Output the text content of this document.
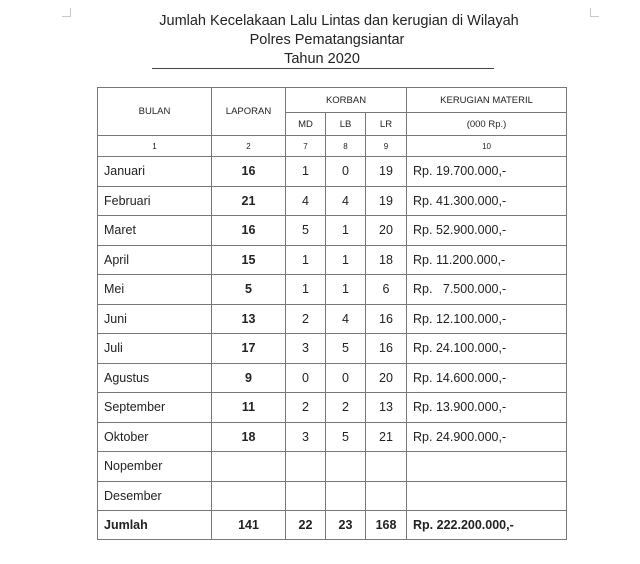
Jumlah Kecelakaan Lalu Lintas dan kerugian di Wilayah
Polres Pematangsiantar
Tahun 2020
BULAN	LAPORAN	KORBAN			KERUGIAN MATERIL
		MD	LB	LR	(000 Rp.)
1	2	7	8	9	10
Januari	16	1	0	19	Rp. 19.700.000,-
Februari	21	4	4	19	Rp. 41.300.000,-
Maret	16	5	1	20	Rp. 52.900.000,-
April	15	1	1	18	Rp. 11.200.000,-
Mei	5	1	1	6	Rp.   7.500.000,-
Juni	13	2	4	16	Rp. 12.100.000,-
Juli	17	3	5	16	Rp. 24.100.000,-
Agustus	9	0	0	20	Rp. 14.600.000,-
September	11	2	2	13	Rp. 13.900.000,-
Oktober	18	3	5	21	Rp. 24.900.000,-
Nopember					
Desember					
Jumlah	141	22	23	168	Rp. 222.200.000,-
